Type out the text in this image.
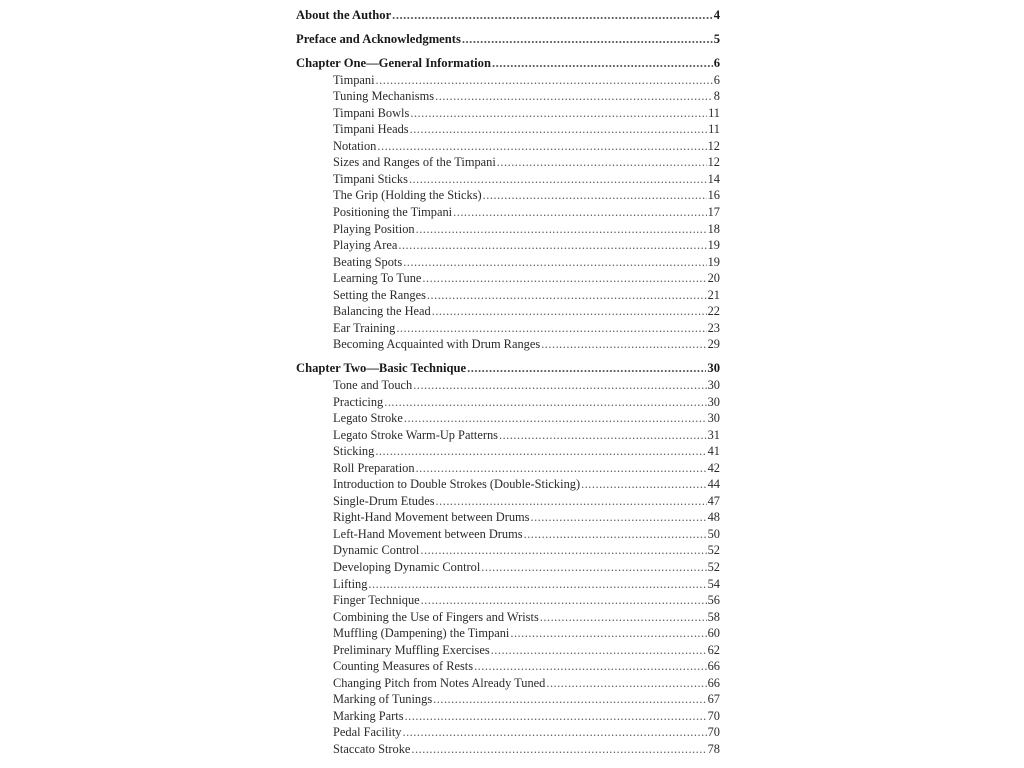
About the Author .....	4
Preface and Acknowledgments .....	5
Chapter One—General Information .....	6
Timpani .....	6
Tuning Mechanisms .....	8
Timpani Bowls .....	11
Timpani Heads .....	11
Notation .....	12
Sizes and Ranges of the Timpani .....	12
Timpani Sticks .....	14
The Grip (Holding the Sticks) .....	16
Positioning the Timpani .....	17
Playing Position .....	18
Playing Area .....	19
Beating Spots .....	19
Learning To Tune .....	20
Setting the Ranges .....	21
Balancing the Head .....	22
Ear Training .....	23
Becoming Acquainted with Drum Ranges .....	29
Chapter Two—Basic Technique .....	30
Tone and Touch .....	30
Practicing .....	30
Legato Stroke .....	30
Legato Stroke Warm-Up Patterns .....	31
Sticking .....	41
Roll Preparation .....	42
Introduction to Double Strokes (Double-Sticking) .....	44
Single-Drum Etudes .....	47
Right-Hand Movement between Drums .....	48
Left-Hand Movement between Drums .....	50
Dynamic Control .....	52
Developing Dynamic Control .....	52
Lifting .....	54
Finger Technique .....	56
Combining the Use of Fingers and Wrists .....	58
Muffling (Dampening) the Timpani .....	60
Preliminary Muffling Exercises .....	62
Counting Measures of Rests .....	66
Changing Pitch from Notes Already Tuned .....	66
Marking of Tunings .....	67
Marking Parts .....	70
Pedal Facility .....	70
Staccato Stroke .....	78
